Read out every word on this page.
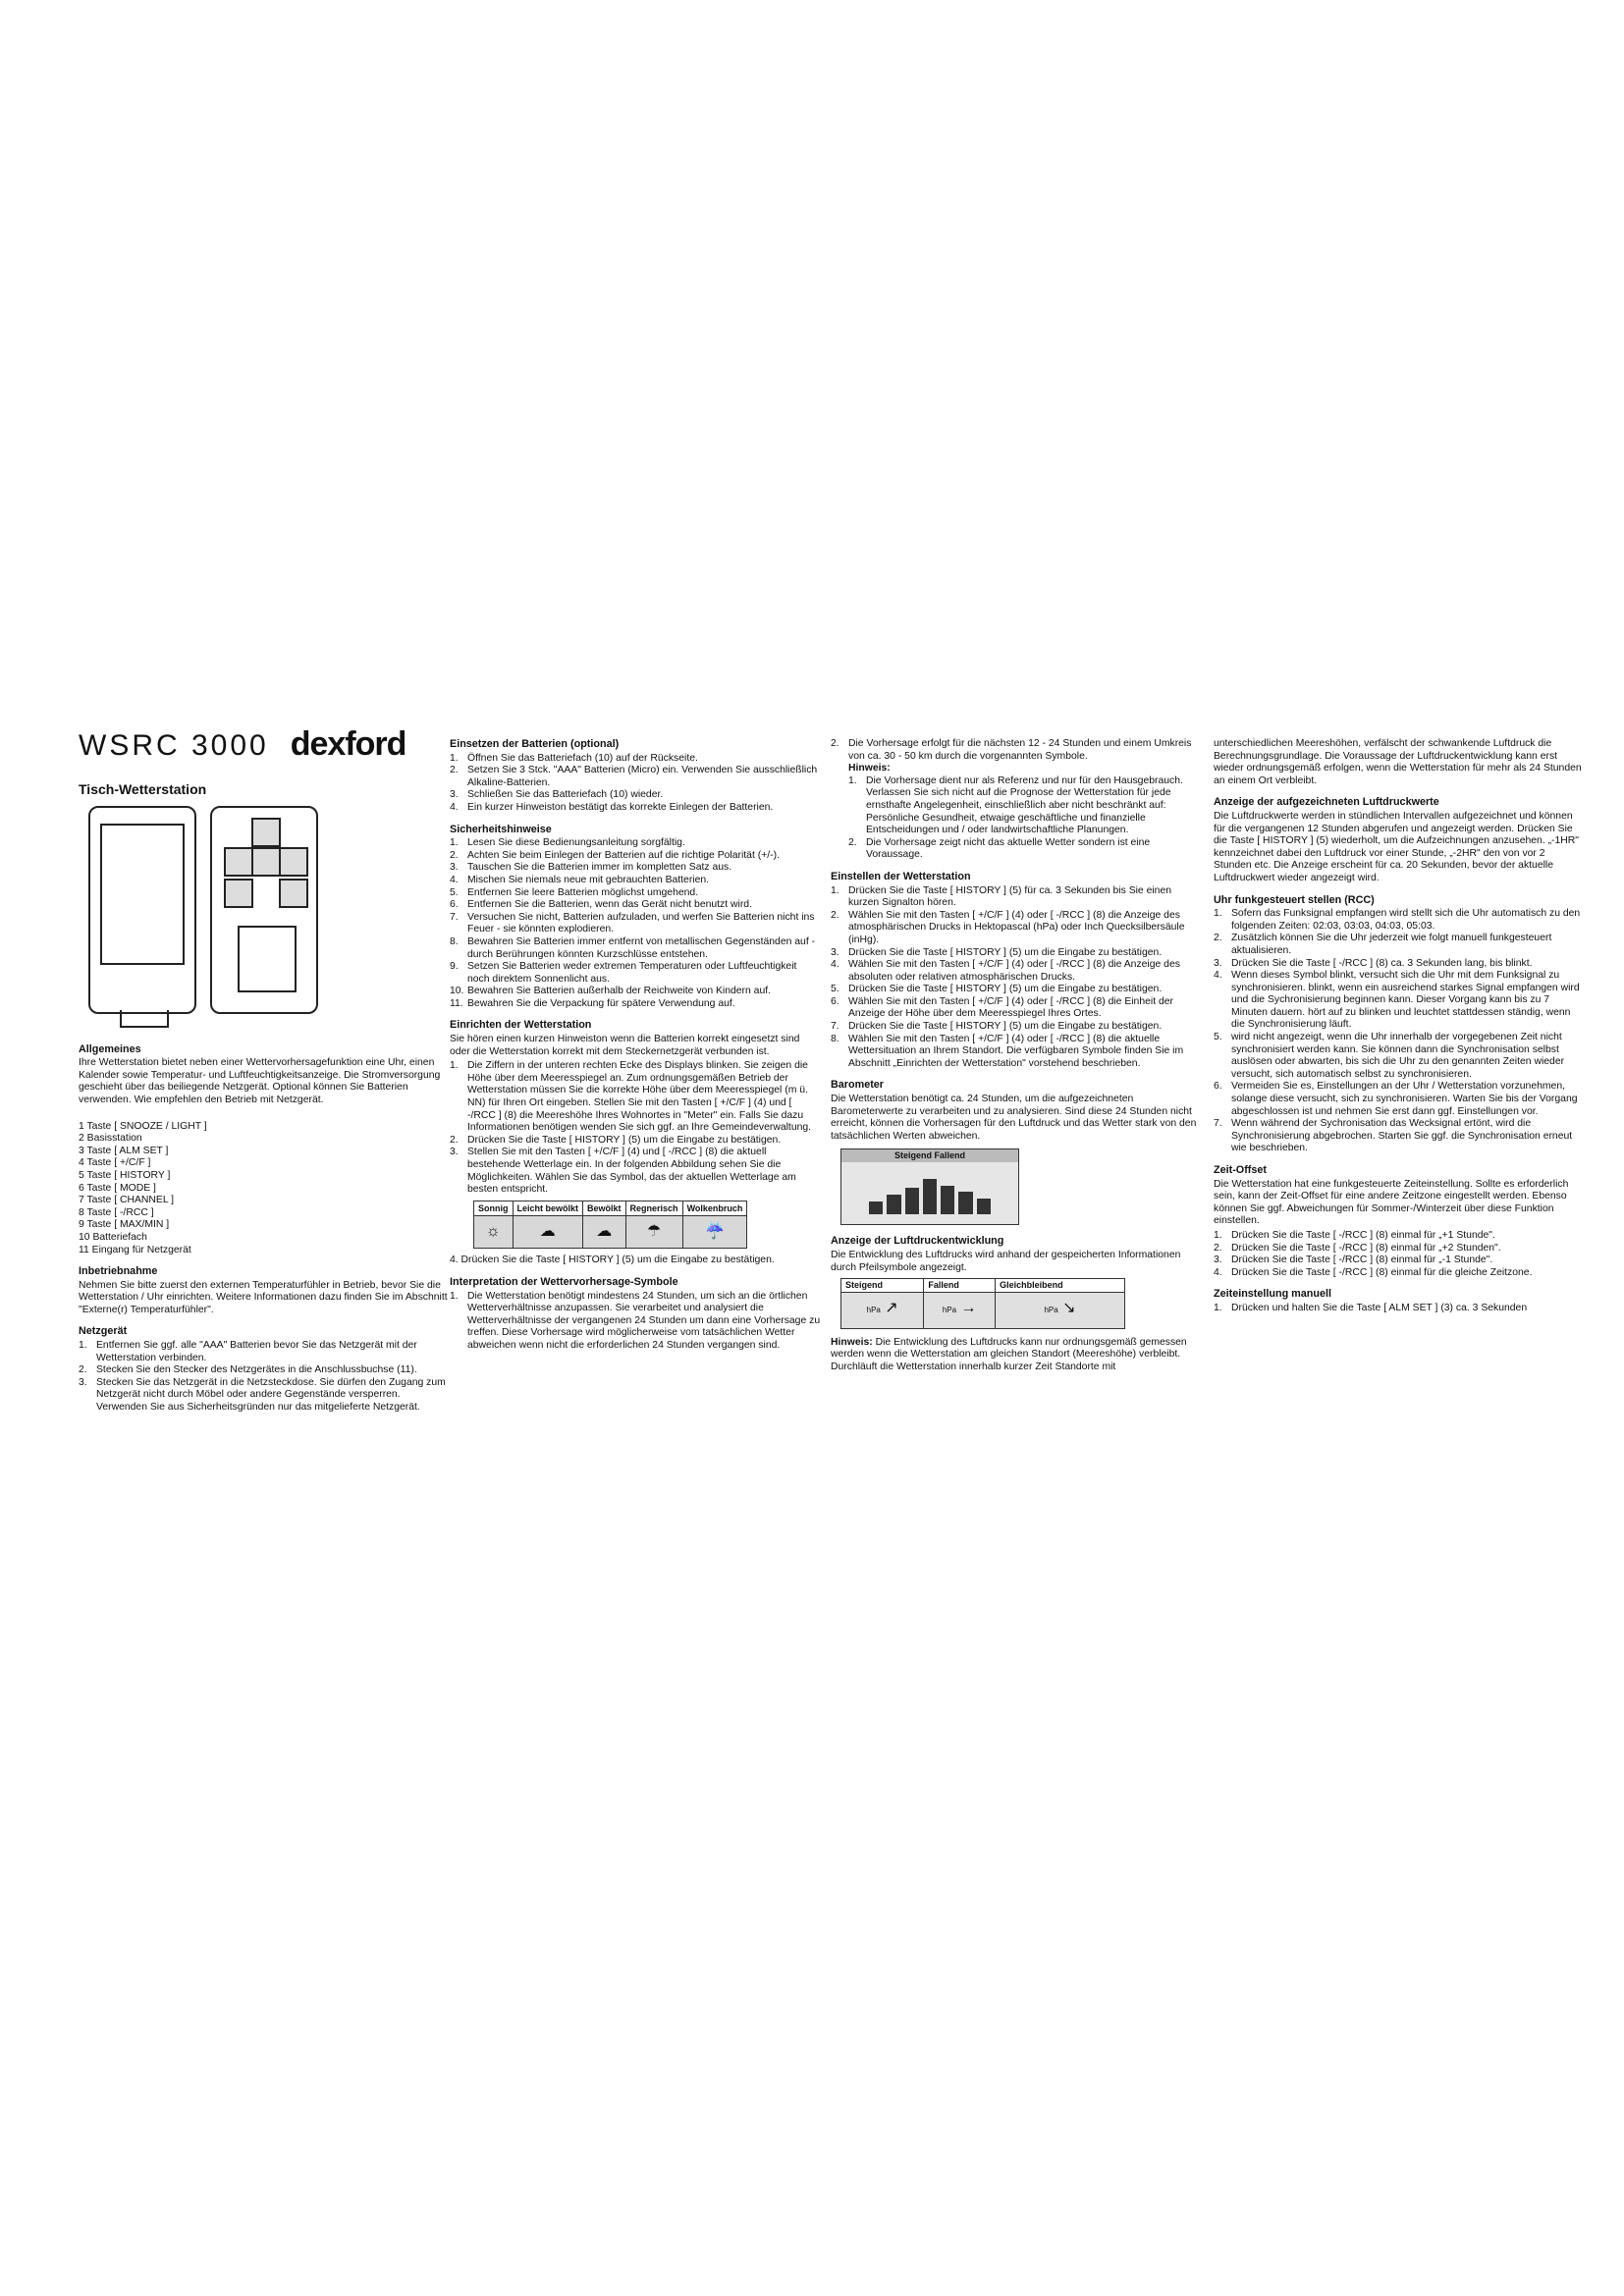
WSRC 3000 dexford
Tisch-Wetterstation
Allgemeines

Ihre Wetterstation bietet neben einer Wettervorhersagefunktion eine Uhr, einen Kalender sowie Temperatur- und Luftfeuchtigkeitsanzeige. Die Stromversorgung geschieht über das beiliegende Netzgerät. Optional können Sie Batterien verwenden. Wie empfehlen den Betrieb mit Netzgerät.

1 Taste [ SNOOZE / LIGHT ]
2 Basisstation
3 Taste [ ALM SET ]
4 Taste [ +/C/F ]
5 Taste [ HISTORY ]
6 Taste [ MODE ]
7 Taste [ CHANNEL ]
8 Taste [ -/RCC ]
9 Taste [ MAX/MIN ]
10 Batteriefach
11 Eingang für Netzgerät
Inbetriebnahme

Nehmen Sie bitte zuerst den externen Temperaturfühler in Betrieb, bevor Sie die Wetterstation / Uhr einrichten. Weitere Informationen dazu finden Sie im Abschnitt "Externe(r) Temperaturfühler".

Netzgerät
1. Entfernen Sie ggf. alle "AAA" Batterien bevor Sie das Netzgerät mit der Wetterstation verbinden.
2. Stecken Sie den Stecker des Netzgerätes in die Anschlussbuchse (11).
3. Stecken Sie das Netzgerät in die Netzsteckdose. Sie dürfen den Zugang zum Netzgerät nicht durch Möbel oder andere Gegenstände versperren. Verwenden Sie aus Sicherheitsgründen nur das mitgelieferte Netzgerät.
Einsetzen der Batterien (optional)
1. Öffnen Sie das Batteriefach (10) auf der Rückseite.
2. Setzen Sie 3 Stck. "AAA" Batterien (Micro) ein. Verwenden Sie ausschließlich Alkaline-Batterien.
3. Schließen Sie das Batteriefach (10) wieder.
4. Ein kurzer Hinweiston bestätigt das korrekte Einlegen der Batterien.
Sicherheitshinweise
1. Lesen Sie diese Bedienungsanleitung sorgfältig.
2. Achten Sie beim Einlegen der Batterien auf die richtige Polarität (+/-).
3. Tauschen Sie die Batterien immer im kompletten Satz aus.
4. Mischen Sie niemals neue mit gebrauchten Batterien.
5. Entfernen Sie leere Batterien möglichst umgehend.
6. Entfernen Sie die Batterien, wenn das Gerät nicht benutzt wird.
7. Versuchen Sie nicht, Batterien aufzuladen, und werfen Sie Batterien nicht ins Feuer - sie könnten explodieren.
8. Bewahren Sie Batterien immer entfernt von metallischen Gegenständen auf - durch Berührungen könnten Kurzschlüsse entstehen.
9. Setzen Sie Batterien weder extremen Temperaturen oder Luftfeuchtigkeit noch direktem Sonnenlicht aus.
10. Bewahren Sie Batterien außerhalb der Reichweite von Kindern auf.
11. Bewahren Sie die Verpackung für spätere Verwendung auf.
Einrichten der Wetterstation

Sie hören einen kurzen Hinweiston wenn die Batterien korrekt eingesetzt sind oder die Wetterstation korrekt mit dem Steckernetzgerät verbunden ist.

1. Die Ziffern in der unteren rechten Ecke des Displays blinken. Sie zeigen die Höhe über dem Meeresspiegel an. Zum ordnungsgemäßen Betrieb der Wetterstation müssen Sie die korrekte Höhe über dem Meeresspiegel (m ü. NN) für Ihren Ort eingeben. Stellen Sie mit den Tasten [ +/C/F ] (4) und [ -/RCC ] (8) die Meereshöhe Ihres Wohnortes in "Meter" ein. Falls Sie dazu Informationen benötigen wenden Sie sich ggf. an Ihre Gemeindeverwaltung.
2. Drücken Sie die Taste [ HISTORY ] (5) um die Eingabe zu bestätigen.
3. Stellen Sie mit den Tasten [ +/C/F ] (4) und [ -/RCC ] (8) die aktuell bestehende Wetterlage ein. In der folgenden Abbildung sehen Sie die Möglichkeiten. Wählen Sie das Symbol, das der aktuellen Wetterlage am besten entspricht.
Sonnig	Leicht bewölkt	Bewölkt	Regnerisch	Wolkenbruch
☼	☁	☁	☂	☔

4. Drücken Sie die Taste [ HISTORY ] (5) um die Eingabe zu bestätigen.

Interpretation der Wettervorhersage-Symbole
1. Die Wetterstation benötigt mindestens 24 Stunden, um sich an die örtlichen Wetterverhältnisse anzupassen. Sie verarbeitet und analysiert die Wetterverhältnisse der vergangenen 24 Stunden um dann eine Vorhersage zu treffen. Diese Vorhersage wird möglicherweise vom tatsächlichen Wetter abweichen wenn nicht die erforderlichen 24 Stunden vergangen sind.
2. Die Vorhersage erfolgt für die nächsten 12 - 24 Stunden und einem Umkreis von ca. 30 - 50 km durch die vorgenannten Symbole.
Hinweis:
1. Die Vorhersage dient nur als Referenz und nur für den Hausgebrauch. Verlassen Sie sich nicht auf die Prognose der Wetterstation für jede ernsthafte Angelegenheit, einschließlich aber nicht beschränkt auf: Persönliche Gesundheit, etwaige geschäftliche und finanzielle Entscheidungen und / oder landwirtschaftliche Planungen.
2. Die Vorhersage zeigt nicht das aktuelle Wetter sondern ist eine Voraussage.
Einstellen der Wetterstation
1. Drücken Sie die Taste [ HISTORY ] (5) für ca. 3 Sekunden bis Sie einen kurzen Signalton hören.
2. Wählen Sie mit den Tasten [ +/C/F ] (4) oder [ -/RCC ] (8) die Anzeige des atmosphärischen Drucks in Hektopascal (hPa) oder Inch Quecksilbersäule (inHg).
3. Drücken Sie die Taste [ HISTORY ] (5) um die Eingabe zu bestätigen.
4. Wählen Sie mit den Tasten [ +/C/F ] (4) oder [ -/RCC ] (8) die Anzeige des absoluten oder relativen atmosphärischen Drucks.
5. Drücken Sie die Taste [ HISTORY ] (5) um die Eingabe zu bestätigen.
6. Wählen Sie mit den Tasten [ +/C/F ] (4) oder [ -/RCC ] (8) die Einheit der Anzeige der Höhe über dem Meeresspiegel Ihres Ortes.
7. Drücken Sie die Taste [ HISTORY ] (5) um die Eingabe zu bestätigen.
8. Wählen Sie mit den Tasten [ +/C/F ] (4) oder [ -/RCC ] (8) die aktuelle Wettersituation an Ihrem Standort. Die verfügbaren Symbole finden Sie im Abschnitt „Einrichten der Wetterstation" vorstehend beschrieben.
Barometer

Die Wetterstation benötigt ca. 24 Stunden, um die aufgezeichneten Barometerwerte zu verarbeiten und zu analysieren. Sind diese 24 Stunden nicht erreicht, können die Vorhersagen für den Luftdruck und das Wetter stark von den tatsächlichen Werten abweichen.

Steigend Fallend
Anzeige der Luftdruckentwicklung

Die Entwicklung des Luftdrucks wird anhand der gespeicherten Informationen durch Pfeilsymbole angezeigt.

Steigend	Fallend	Gleichbleibend
hPa ↗	hPa →	hPa ↘

Hinweis: Die Entwicklung des Luftdrucks kann nur ordnungsgemäß gemessen werden wenn die Wetterstation am gleichen Standort (Meereshöhe) verbleibt. Durchläuft die Wetterstation innerhalb kurzer Zeit Standorte mit

unterschiedlichen Meereshöhen, verfälscht der schwankende Luftdruck die Berechnungsgrundlage. Die Voraussage der Luftdruckentwicklung kann erst wieder ordnungsgemäß erfolgen, wenn die Wetterstation für mehr als 24 Stunden an einem Ort verbleibt.

Anzeige der aufgezeichneten Luftdruckwerte

Die Luftdruckwerte werden in stündlichen Intervallen aufgezeichnet und können für die vergangenen 12 Stunden abgerufen und angezeigt werden. Drücken Sie die Taste [ HISTORY ] (5) wiederholt, um die Aufzeichnungen anzusehen. „-1HR" kennzeichnet dabei den Luftdruck vor einer Stunde, „-2HR" den von vor 2 Stunden etc. Die Anzeige erscheint für ca. 20 Sekunden, bevor der aktuelle Luftdruckwert wieder angezeigt wird.

Uhr funkgesteuert stellen (RCC)
1. Sofern das Funksignal empfangen wird stellt sich die Uhr automatisch zu den folgenden Zeiten: 02:03, 03:03, 04:03, 05:03.
2. Zusätzlich können Sie die Uhr jederzeit wie folgt manuell funkgesteuert aktualisieren.
3. Drücken Sie die Taste [ -/RCC ] (8) ca. 3 Sekunden lang, bis blinkt.
4. Wenn dieses Symbol blinkt, versucht sich die Uhr mit dem Funksignal zu synchronisieren. blinkt, wenn ein ausreichend starkes Signal empfangen wird und die Sychronisierung beginnen kann. Dieser Vorgang kann bis zu 7 Minuten dauern. hört auf zu blinken und leuchtet stattdessen ständig, wenn die Synchronisierung läuft.
5. wird nicht angezeigt, wenn die Uhr innerhalb der vorgegebenen Zeit nicht synchronisiert werden kann. Sie können dann die Synchronisation selbst auslösen oder abwarten, bis sich die Uhr zu den genannten Zeiten wieder versucht, sich automatisch selbst zu synchronisieren.
6. Vermeiden Sie es, Einstellungen an der Uhr / Wetterstation vorzunehmen, solange diese versucht, sich zu synchronisieren. Warten Sie bis der Vorgang abgeschlossen ist und nehmen Sie erst dann ggf. Einstellungen vor.
7. Wenn während der Sychronisation das Wecksignal ertönt, wird die Synchronisierung abgebrochen. Starten Sie ggf. die Synchronisation erneut wie beschrieben.
Zeit-Offset

Die Wetterstation hat eine funkgesteuerte Zeiteinstellung. Sollte es erforderlich sein, kann der Zeit-Offset für eine andere Zeitzone eingestellt werden. Ebenso können Sie ggf. Abweichungen für Sommer-/Winterzeit über diese Funktion einstellen.

1. Drücken Sie die Taste [ -/RCC ] (8) einmal für „+1 Stunde".
2. Drücken Sie die Taste [ -/RCC ] (8) einmal für „+2 Stunden".
3. Drücken Sie die Taste [ -/RCC ] (8) einmal für „-1 Stunde".
4. Drücken Sie die Taste [ -/RCC ] (8) einmal für die gleiche Zeitzone.
Zeiteinstellung manuell
1. Drücken und halten Sie die Taste [ ALM SET ] (3) ca. 3 Sekunden
